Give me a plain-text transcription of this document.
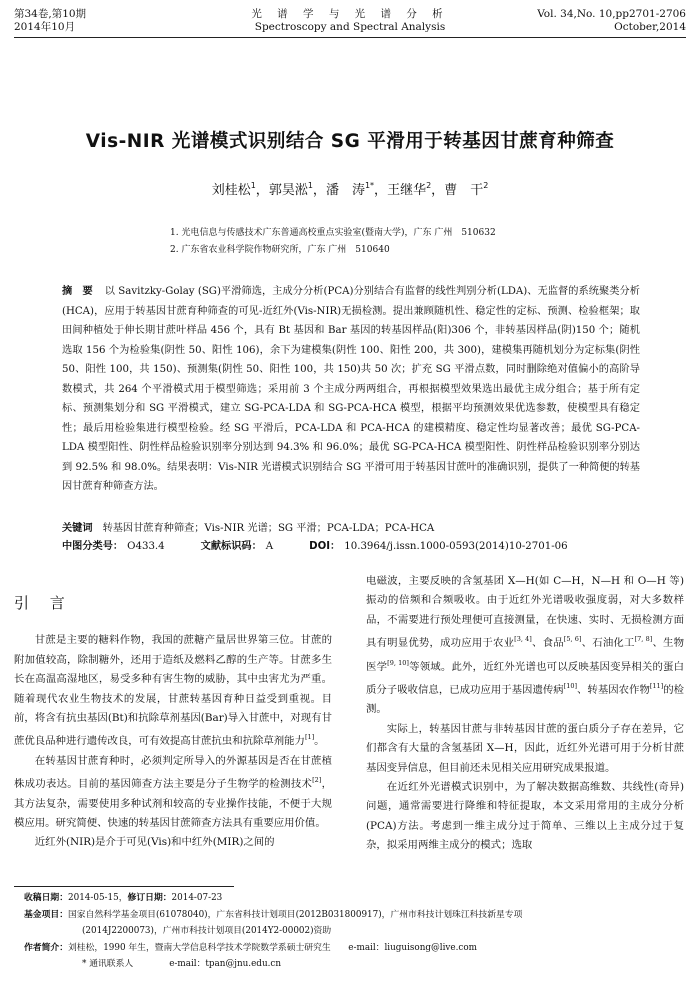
第34卷,第10期
2014年10月
光 谱 学 与 光 谱 分 析
Spectroscopy and Spectral Analysis
Vol. 34,No. 10,pp2701-2706
October,2014
Vis-NIR 光谱模式识别结合 SG 平滑用于转基因甘蔗育种筛查
刘桂松$^1$，郭昊淞$^1$，潘　涛$^{1*}$，王继华$^2$，曹　干$^2$
1. 光电信息与传感技术广东普通高校重点实验室(暨南大学)，广东 广州　510632
2. 广东省农业科学院作物研究所，广东 广州　510640
摘　要 以 Savitzky-Golay (SG)平滑筛选，主成分分析(PCA)分别结合有监督的线性判别分析(LDA)、无监督的系统聚类分析(HCA)，应用于转基因甘蔗育种筛查的可见-近红外(Vis-NIR)无损检测。提出兼顾随机性、稳定性的定标、预测、检验框架；取田间种植处于伸长期甘蔗叶样品 456 个，具有 Bt 基因和 Bar 基因的转基因样品(阳)306 个，非转基因样品(阴)150 个；随机选取 156 个为检验集(阴性 50、阳性 106)，余下为建模集(阴性 100、阳性 200，共 300)，建模集再随机划分为定标集(阴性 50、阳性 100，共 150)、预测集(阴性 50、阳性 100，共 150)共 50 次；扩充 SG 平滑点数，同时删除绝对值偏小的高阶导数模式，共 264 个平滑模式用于模型筛选；采用前 3 个主成分两两组合，再根据模型效果选出最优主成分组合；基于所有定标、预测集划分和 SG 平滑模式，建立 SG-PCA-LDA 和 SG-PCA-HCA 模型，根据平均预测效果优选参数，使模型具有稳定性；最后用检验集进行模型检验。经 SG 平滑后，PCA-LDA 和 PCA-HCA 的建模精度、稳定性均显著改善；最优 SG-PCA-LDA 模型阳性、阴性样品检验识别率分别达到 94.3% 和 96.0%；最优 SG-PCA-HCA 模型阳性、阴性样品检验识别率分别达到 92.5% 和 98.0%。结果表明：Vis-NIR 光谱模式识别结合 SG 平滑可用于转基因甘蔗叶的准确识别，提供了一种简便的转基因甘蔗育种筛查方法。
关键词 转基因甘蔗育种筛查；Vis-NIR 光谱；SG 平滑；PCA-LDA；PCA-HCA
中图分类号： O433.4	文献标识码： A	DOI： 10.3964/j.issn.1000-0593(2014)10-2701-06
引 言

甘蔗是主要的糖料作物，我国的蔗糖产量居世界第三位。甘蔗的附加值较高，除制糖外，还用于造纸及燃料乙醇的生产等。甘蔗多生长在高温高湿地区，易受多种有害生物的威胁，其中虫害尤为严重。随着现代农业生物技术的发展，甘蔗转基因育种日益受到重视。目前，将含有抗虫基因(Bt)和抗除草剂基因(Bar)导入甘蔗中，对现有甘蔗优良品种进行遗传改良，可有效提高甘蔗抗虫和抗除草剂能力[1]。

在转基因甘蔗育种时，必须判定所导入的外源基因是否在甘蔗植株成功表达。目前的基因筛查方法主要是分子生物学的检测技术[2]，其方法复杂，需要使用多种试剂和较高的专业操作技能，不便于大规模应用。研究简便、快速的转基因甘蔗筛查方法具有重要应用价值。

近红外(NIR)是介于可见(Vis)和中红外(MIR)之间的

电磁波，主要反映的含氢基团 X—H(如 C—H，N—H 和 O—H 等)振动的倍频和合频吸收。由于近红外光谱吸收强度弱，对大多数样品，不需要进行预处理便可直接测量，在快速、实时、无损检测方面具有明显优势，成功应用于农业[3, 4]、食品[5, 6]、石油化工[7, 8]、生物医学[9, 10]等领域。此外，近红外光谱也可以反映基因变异相关的蛋白质分子吸收信息，已成功应用于基因遗传病[10]、转基因农作物[11]的检测。

实际上，转基因甘蔗与非转基因甘蔗的蛋白质分子存在差异，它们都含有大量的含氢基团 X—H，因此，近红外光谱可用于分析甘蔗基因变异信息，但目前还未见相关应用研究成果报道。

在近红外光谱模式识别中，为了解决数据高维数、共线性(奇异)问题，通常需要进行降维和特征提取，本文采用常用的主成分分析(PCA)方法。考虑到一维主成分过于简单、三维以上主成分过于复杂，拟采用两维主成分的模式；选取

收稿日期：2014-05-15，修订日期：2014-07-23
基金项目：国家自然科学基金项目(61078040)，广东省科技计划项目(2012B031800917)，广州市科技计划珠江科技新星专项
(2014J2200073)，广州市科技计划项目(2014Y2-00002)资助
作者简介：刘桂松，1990 年生，暨南大学信息科学技术学院数学系硕士研究生　　e-mail：liuguisong@live.com
* 通讯联系人	e-mail：tpan@jnu.edu.cn
